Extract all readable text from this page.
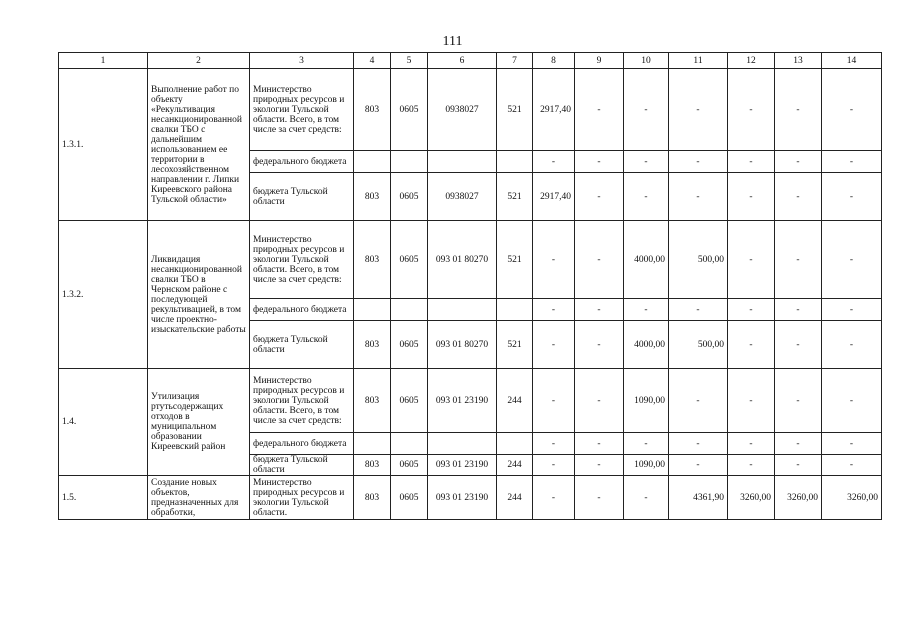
111
1	2	3	4	5	6	7	8	9	10	11	12	13	14
1.3.1.	Выполнение работ по объекту «Рекультивация несанкционированной свалки ТБО с дальнейшим использованием ее территории в лесохозяйственном направлении г. Липки Киреевского района Тульской области»	Министерство природных ресурсов и экологии Тульской области. Всего, в том числе за счет средств:	803	0605	0938027	521	2917,40	-	-	-	-	-	-
		федерального бюджета					-	-	-	-	-	-	-
		бюджета Тульской области	803	0605	0938027	521	2917,40	-	-	-	-	-	-
1.3.2.	Ликвидация несанкционированной свалки ТБО в Чернском районе с последующей рекультивацией, в том числе проектно-изыскательские работы	Министерство природных ресурсов и экологии Тульской области. Всего, в том числе за счет средств:	803	0605	093 01 80270	521	-	-	4000,00	500,00	-	-	-
		федерального бюджета					-	-	-	-	-	-	-
		бюджета Тульской области	803	0605	093 01 80270	521	-	-	4000,00	500,00	-	-	-
1.4.	Утилизация ртутьсодержащих отходов в муниципальном образовании Киреевский район	Министерство природных ресурсов и экологии Тульской области. Всего, в том числе за счет средств:	803	0605	093 01 23190	244	-	-	1090,00	-	-	-	-
		федерального бюджета					-	-	-	-	-	-	-
		бюджета Тульской области	803	0605	093 01 23190	244	-	-	1090,00	-	-	-	-
1.5.	Создание новых объектов, предназначенных для обработки,	Министерство природных ресурсов и экологии Тульской области.	803	0605	093 01 23190	244	-	-	-	4361,90	3260,00	3260,00	3260,00
